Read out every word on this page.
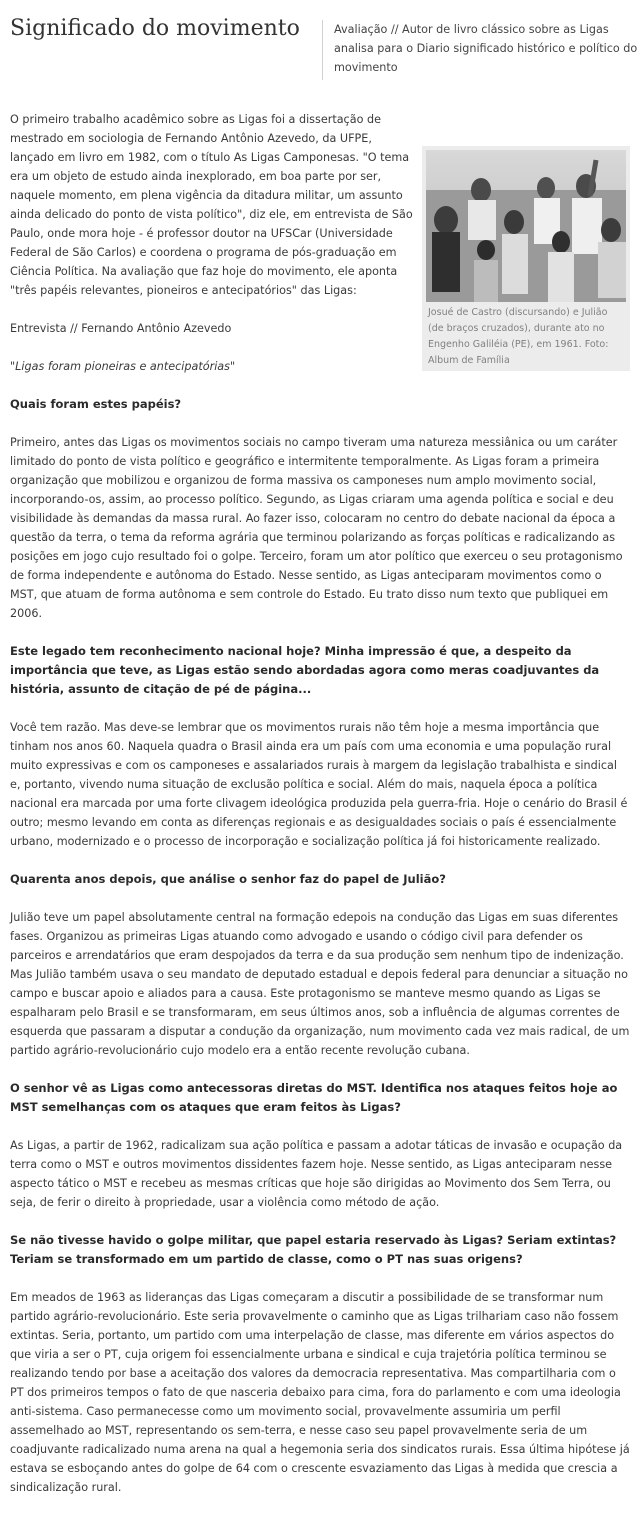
Significado do movimento	Avaliação // Autor de livro clássico sobre as Ligas analisa para o Diario significado histórico e político do movimento
Josué de Castro (discursando) e Julião (de braços cruzados), durante ato no Engenho Galiléia (PE), em 1961. Foto: Album de Família

O primeiro trabalho acadêmico sobre as Ligas foi a dissertação de mestrado em sociologia de Fernando Antônio Azevedo, da UFPE, lançado em livro em 1982, com o título As Ligas Camponesas. "O tema era um objeto de estudo ainda inexplorado, em boa parte por ser, naquele momento, em plena vigência da ditadura militar, um assunto ainda delicado do ponto de vista político", diz ele, em entrevista de São Paulo, onde mora hoje - é professor doutor na UFSCar (Universidade Federal de São Carlos) e coordena o programa de pós-graduação em Ciência Política. Na avaliação que faz hoje do movimento, ele aponta "três papéis relevantes, pioneiros e antecipatórios" das Ligas:

Entrevista // Fernando Antônio Azevedo

"Ligas foram pioneiras e antecipatórias"

Quais foram estes papéis?

Primeiro, antes das Ligas os movimentos sociais no campo tiveram uma natureza messiânica ou um caráter limitado do ponto de vista político e geográfico e intermitente temporalmente. As Ligas foram a primeira organização que mobilizou e organizou de forma massiva os camponeses num amplo movimento social, incorporando-os, assim, ao processo político. Segundo, as Ligas criaram uma agenda política e social e deu visibilidade às demandas da massa rural. Ao fazer isso, colocaram no centro do debate nacional da época a questão da terra, o tema da reforma agrária que terminou polarizando as forças políticas e radicalizando as posições em jogo cujo resultado foi o golpe. Terceiro, foram um ator político que exerceu o seu protagonismo de forma independente e autônoma do Estado. Nesse sentido, as Ligas anteciparam movimentos como o MST, que atuam de forma autônoma e sem controle do Estado. Eu trato disso num texto que publiquei em 2006.

Este legado tem reconhecimento nacional hoje? Minha impressão é que, a despeito da importância que teve, as Ligas estão sendo abordadas agora como meras coadjuvantes da história, assunto de citação de pé de página...

Você tem razão. Mas deve-se lembrar que os movimentos rurais não têm hoje a mesma importância que tinham nos anos 60. Naquela quadra o Brasil ainda era um país com uma economia e uma população rural muito expressivas e com os camponeses e assalariados rurais à margem da legislação trabalhista e sindical e, portanto, vivendo numa situação de exclusão política e social. Além do mais, naquela época a política nacional era marcada por uma forte clivagem ideológica produzida pela guerra-fria. Hoje o cenário do Brasil é outro; mesmo levando em conta as diferenças regionais e as desigualdades sociais o país é essencialmente urbano, modernizado e o processo de incorporação e socialização política já foi historicamente realizado.

Quarenta anos depois, que análise o senhor faz do papel de Julião?

Julião teve um papel absolutamente central na formação edepois na condução das Ligas em suas diferentes fases. Organizou as primeiras Ligas atuando como advogado e usando o código civil para defender os parceiros e arrendatários que eram despojados da terra e da sua produção sem nenhum tipo de indenização. Mas Julião também usava o seu mandato de deputado estadual e depois federal para denunciar a situação no campo e buscar apoio e aliados para a causa. Este protagonismo se manteve mesmo quando as Ligas se espalharam pelo Brasil e se transformaram, em seus últimos anos, sob a influência de algumas correntes de esquerda que passaram a disputar a condução da organização, num movimento cada vez mais radical, de um partido agrário-revolucionário cujo modelo era a então recente revolução cubana.

O senhor vê as Ligas como antecessoras diretas do MST. Identifica nos ataques feitos hoje ao MST semelhanças com os ataques que eram feitos às Ligas?

As Ligas, a partir de 1962, radicalizam sua ação política e passam a adotar táticas de invasão e ocupação da terra como o MST e outros movimentos dissidentes fazem hoje. Nesse sentido, as Ligas anteciparam nesse aspecto tático o MST e recebeu as mesmas críticas que hoje são dirigidas ao Movimento dos Sem Terra, ou seja, de ferir o direito à propriedade, usar a violência como método de ação.

Se não tivesse havido o golpe militar, que papel estaria reservado às Ligas? Seriam extintas? Teriam se transformado em um partido de classe, como o PT nas suas origens?

Em meados de 1963 as lideranças das Ligas começaram a discutir a possibilidade de se transformar num partido agrário-revolucionário. Este seria provavelmente o caminho que as Ligas trilhariam caso não fossem extintas. Seria, portanto, um partido com uma interpelação de classe, mas diferente em vários aspectos do que viria a ser o PT, cuja origem foi essencialmente urbana e sindical e cuja trajetória política terminou se realizando tendo por base a aceitação dos valores da democracia representativa. Mas compartilharia com o PT dos primeiros tempos o fato de que nasceria debaixo para cima, fora do parlamento e com uma ideologia anti-sistema. Caso permanecesse como um movimento social, provavelmente assumiria um perfil assemelhado ao MST, representando os sem-terra, e nesse caso seu papel provavelmente seria de um coadjuvante radicalizado numa arena na qual a hegemonia seria dos sindicatos rurais. Essa última hipótese já estava se esboçando antes do golpe de 64 com o crescente esvaziamento das Ligas à medida que crescia a sindicalização rural.
